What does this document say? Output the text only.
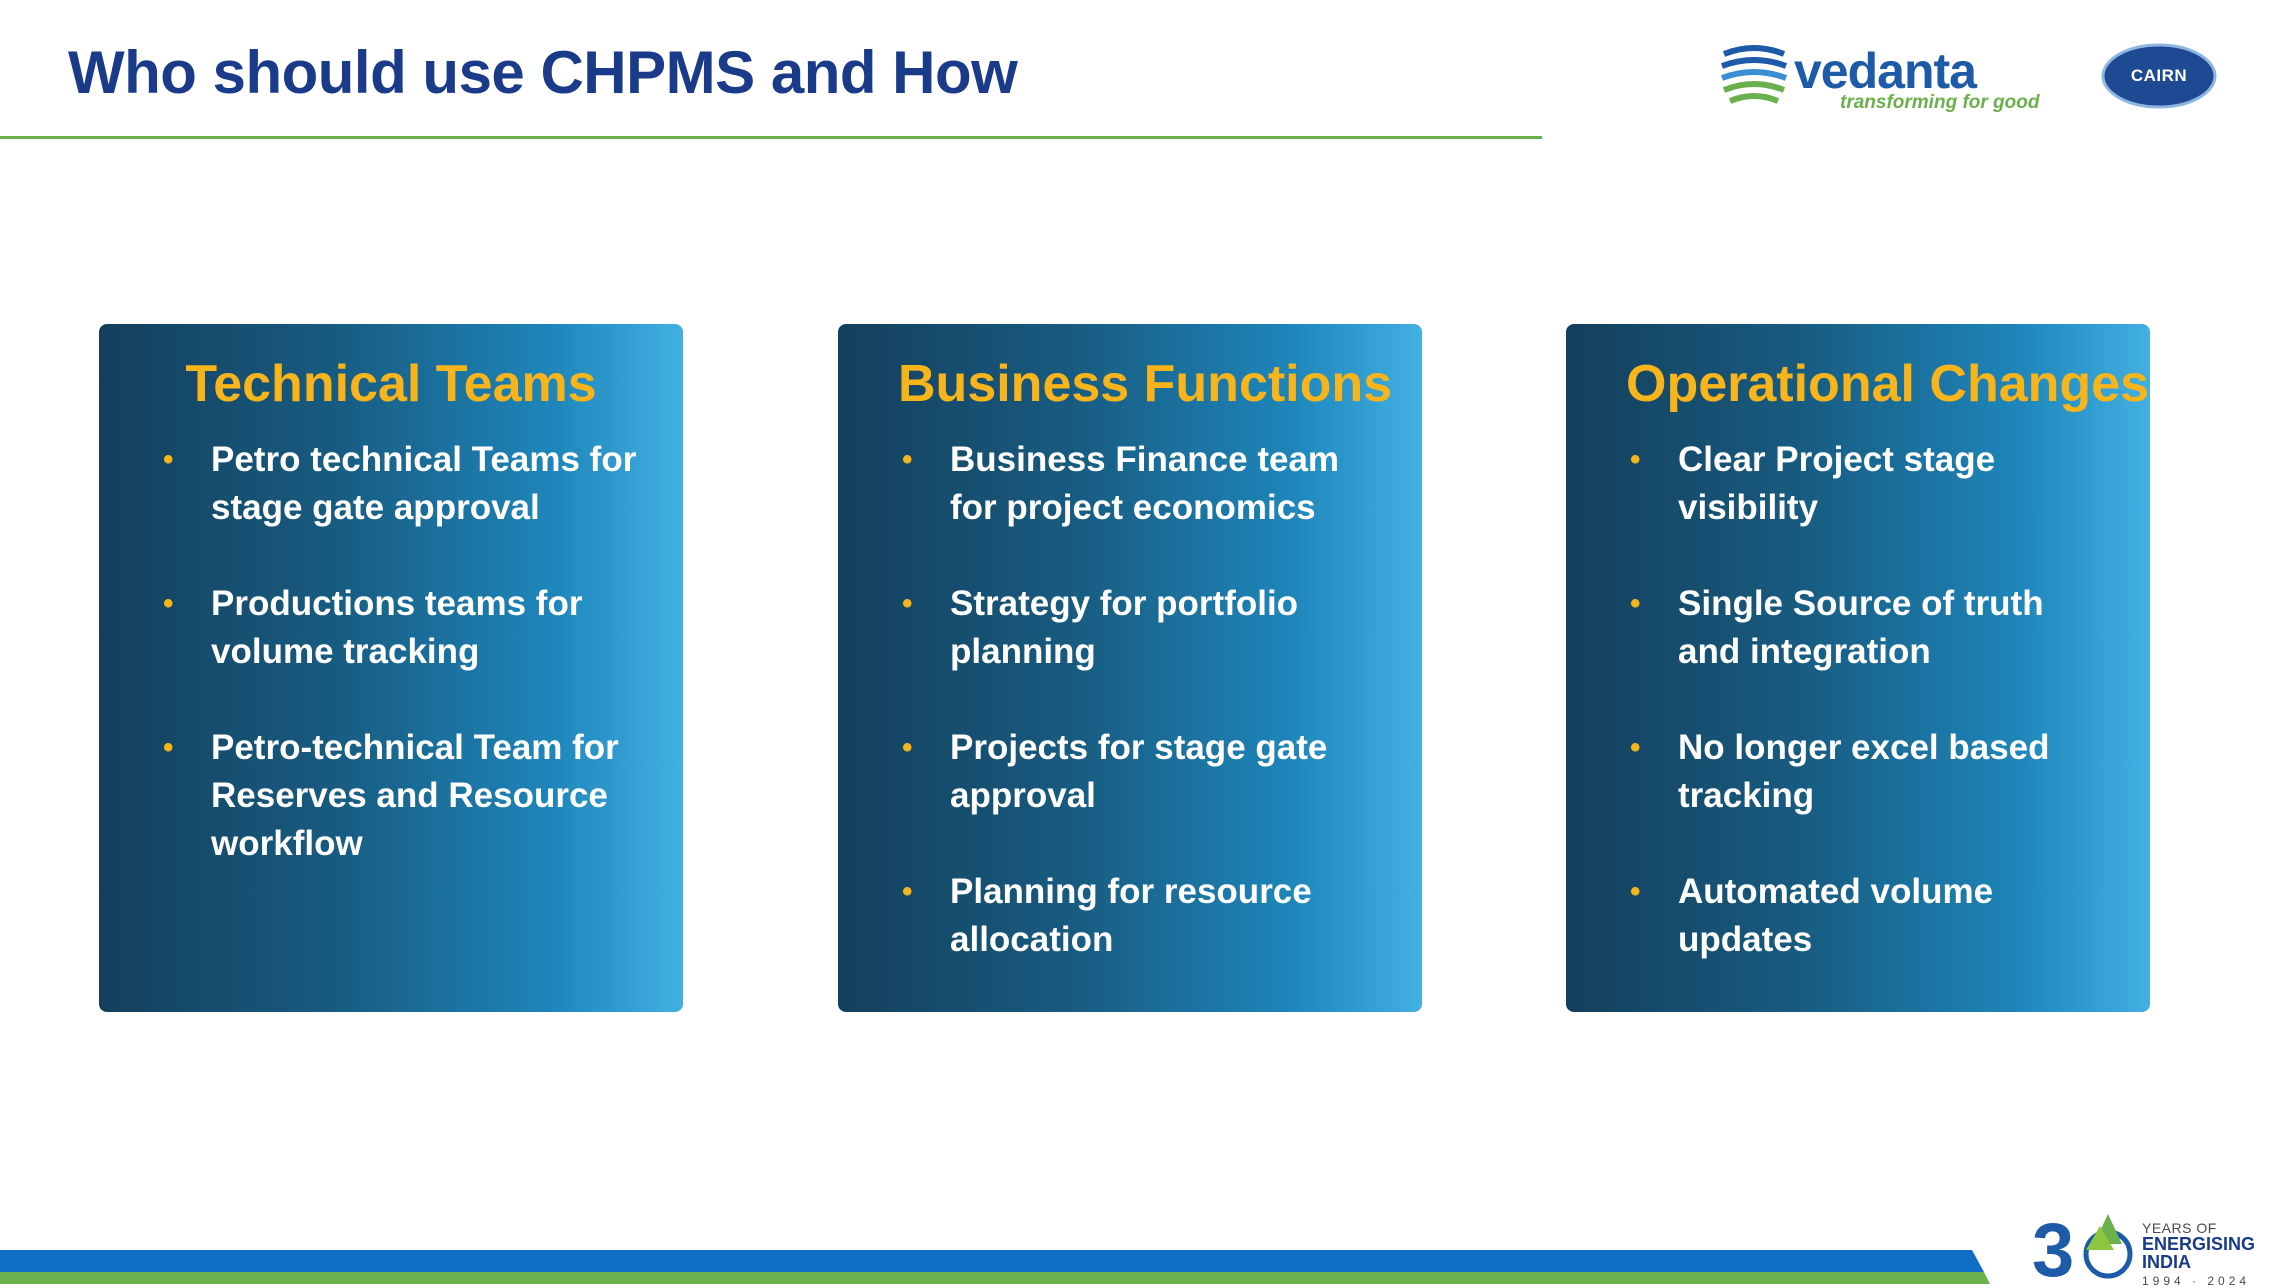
Who should use CHPMS and How	vedanta
transforming for good
CAIRN
Technical Teams
• Petro technical Teams for stage gate approval
• Productions teams for volume tracking
• Petro-technical Team for Reserves and Resource workflow
Business Functions
• Business Finance team for project economics
• Strategy for portfolio planning
• Projects for stage gate approval
• Planning for resource allocation
Operational Changes
• Clear Project stage visibility
• Single Source of truth and integration
• No longer excel based tracking
• Automated volume updates
3	YEARS OF
ENERGISING
INDIA
1994 · 2024
